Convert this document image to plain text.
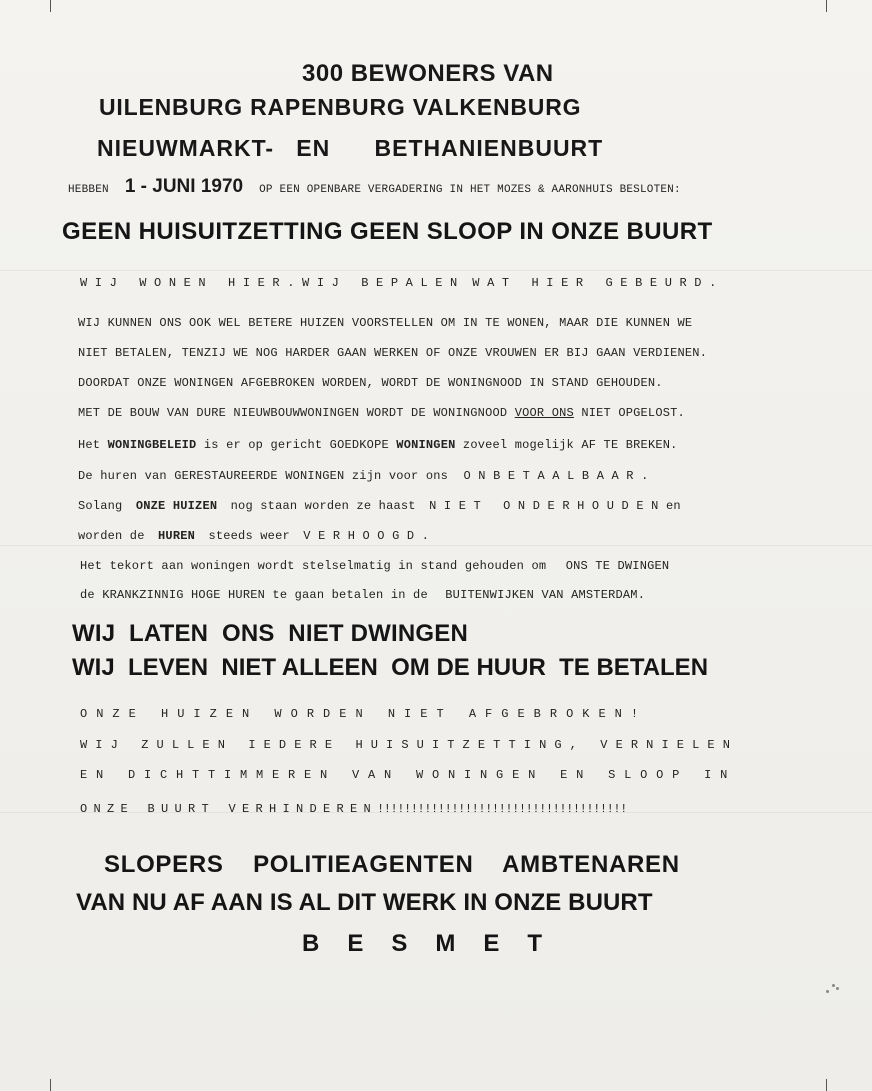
300 BEWONERS VAN
UILENBURG RAPENBURG VALKENBURG
NIEUWMARKT-   EN      BETHANIENBUURT
HEBBEN 1 - JUNI 1970 OP EEN OPENBARE VERGADERING IN HET MOZES & AARONHUIS BESLOTEN:
GEEN HUISUITZETTING GEEN SLOOP IN ONZE BUURT
W I J   W O N E N   H I E R . W I J   B E P A L E N  W A T   H I E R   G E B E U R D .
WIJ KUNNEN ONS OOK WEL BETERE HUIZEN VOORSTELLEN OM IN TE WONEN, MAAR DIE KUNNEN WE
NIET BETALEN, TENZIJ WE NOG HARDER GAAN WERKEN OF ONZE VROUWEN ER BIJ GAAN VERDIENEN.
DOORDAT ONZE WONINGEN AFGEBROKEN WORDEN, WORDT DE WONINGNOOD IN STAND GEHOUDEN.
MET DE BOUW VAN DURE NIEUWBOUWWONINGEN WORDT DE WONINGNOOD VOOR ONS NIET OPGELOST.
Het WONINGBELEID is er op gericht GOEDKOPE WONINGEN zoveel mogelijk AF TE BREKEN.
De huren van GERESTAUREERDE WONINGEN zijn voor ons O N B E T A A L B A A R .
Solang ONZE HUIZEN nog staan worden ze haast N I E T   O N D E R H O U D E N en
worden de HUREN steeds weer V E R H O O G D .
Het tekort aan woningen wordt stelselmatig in stand gehouden om ONS TE DWINGEN
de KRANKZINNIG HOGE HUREN te gaan betalen in de BUITENWIJKEN VAN AMSTERDAM.
WIJ  LATEN  ONS  NIET DWINGEN
WIJ  LEVEN  NIET ALLEEN  OM DE HUUR  TE BETALEN
O N Z E   H U I Z E N   W O R D E N   N I E T   A F G E B R O K E N !
W I J   Z U L L E N   I E D E R E   H U I S U I T Z E T T I N G ,   V E R N I E L E N
E N   D I C H T T I M M E R E N   V A N   W O N I N G E N   E N   S L O O P   I N
O N Z E   B U U R T   V E R H I N D E R E N !!!!!!!!!!!!!!!!!!!!!!!!!!!!!!!!!!!!!
SLOPERS    POLITIEAGENTEN    AMBTENAREN
VAN NU AF AAN IS AL DIT WERK IN ONZE BUURT
B   E   S   M   E   T
